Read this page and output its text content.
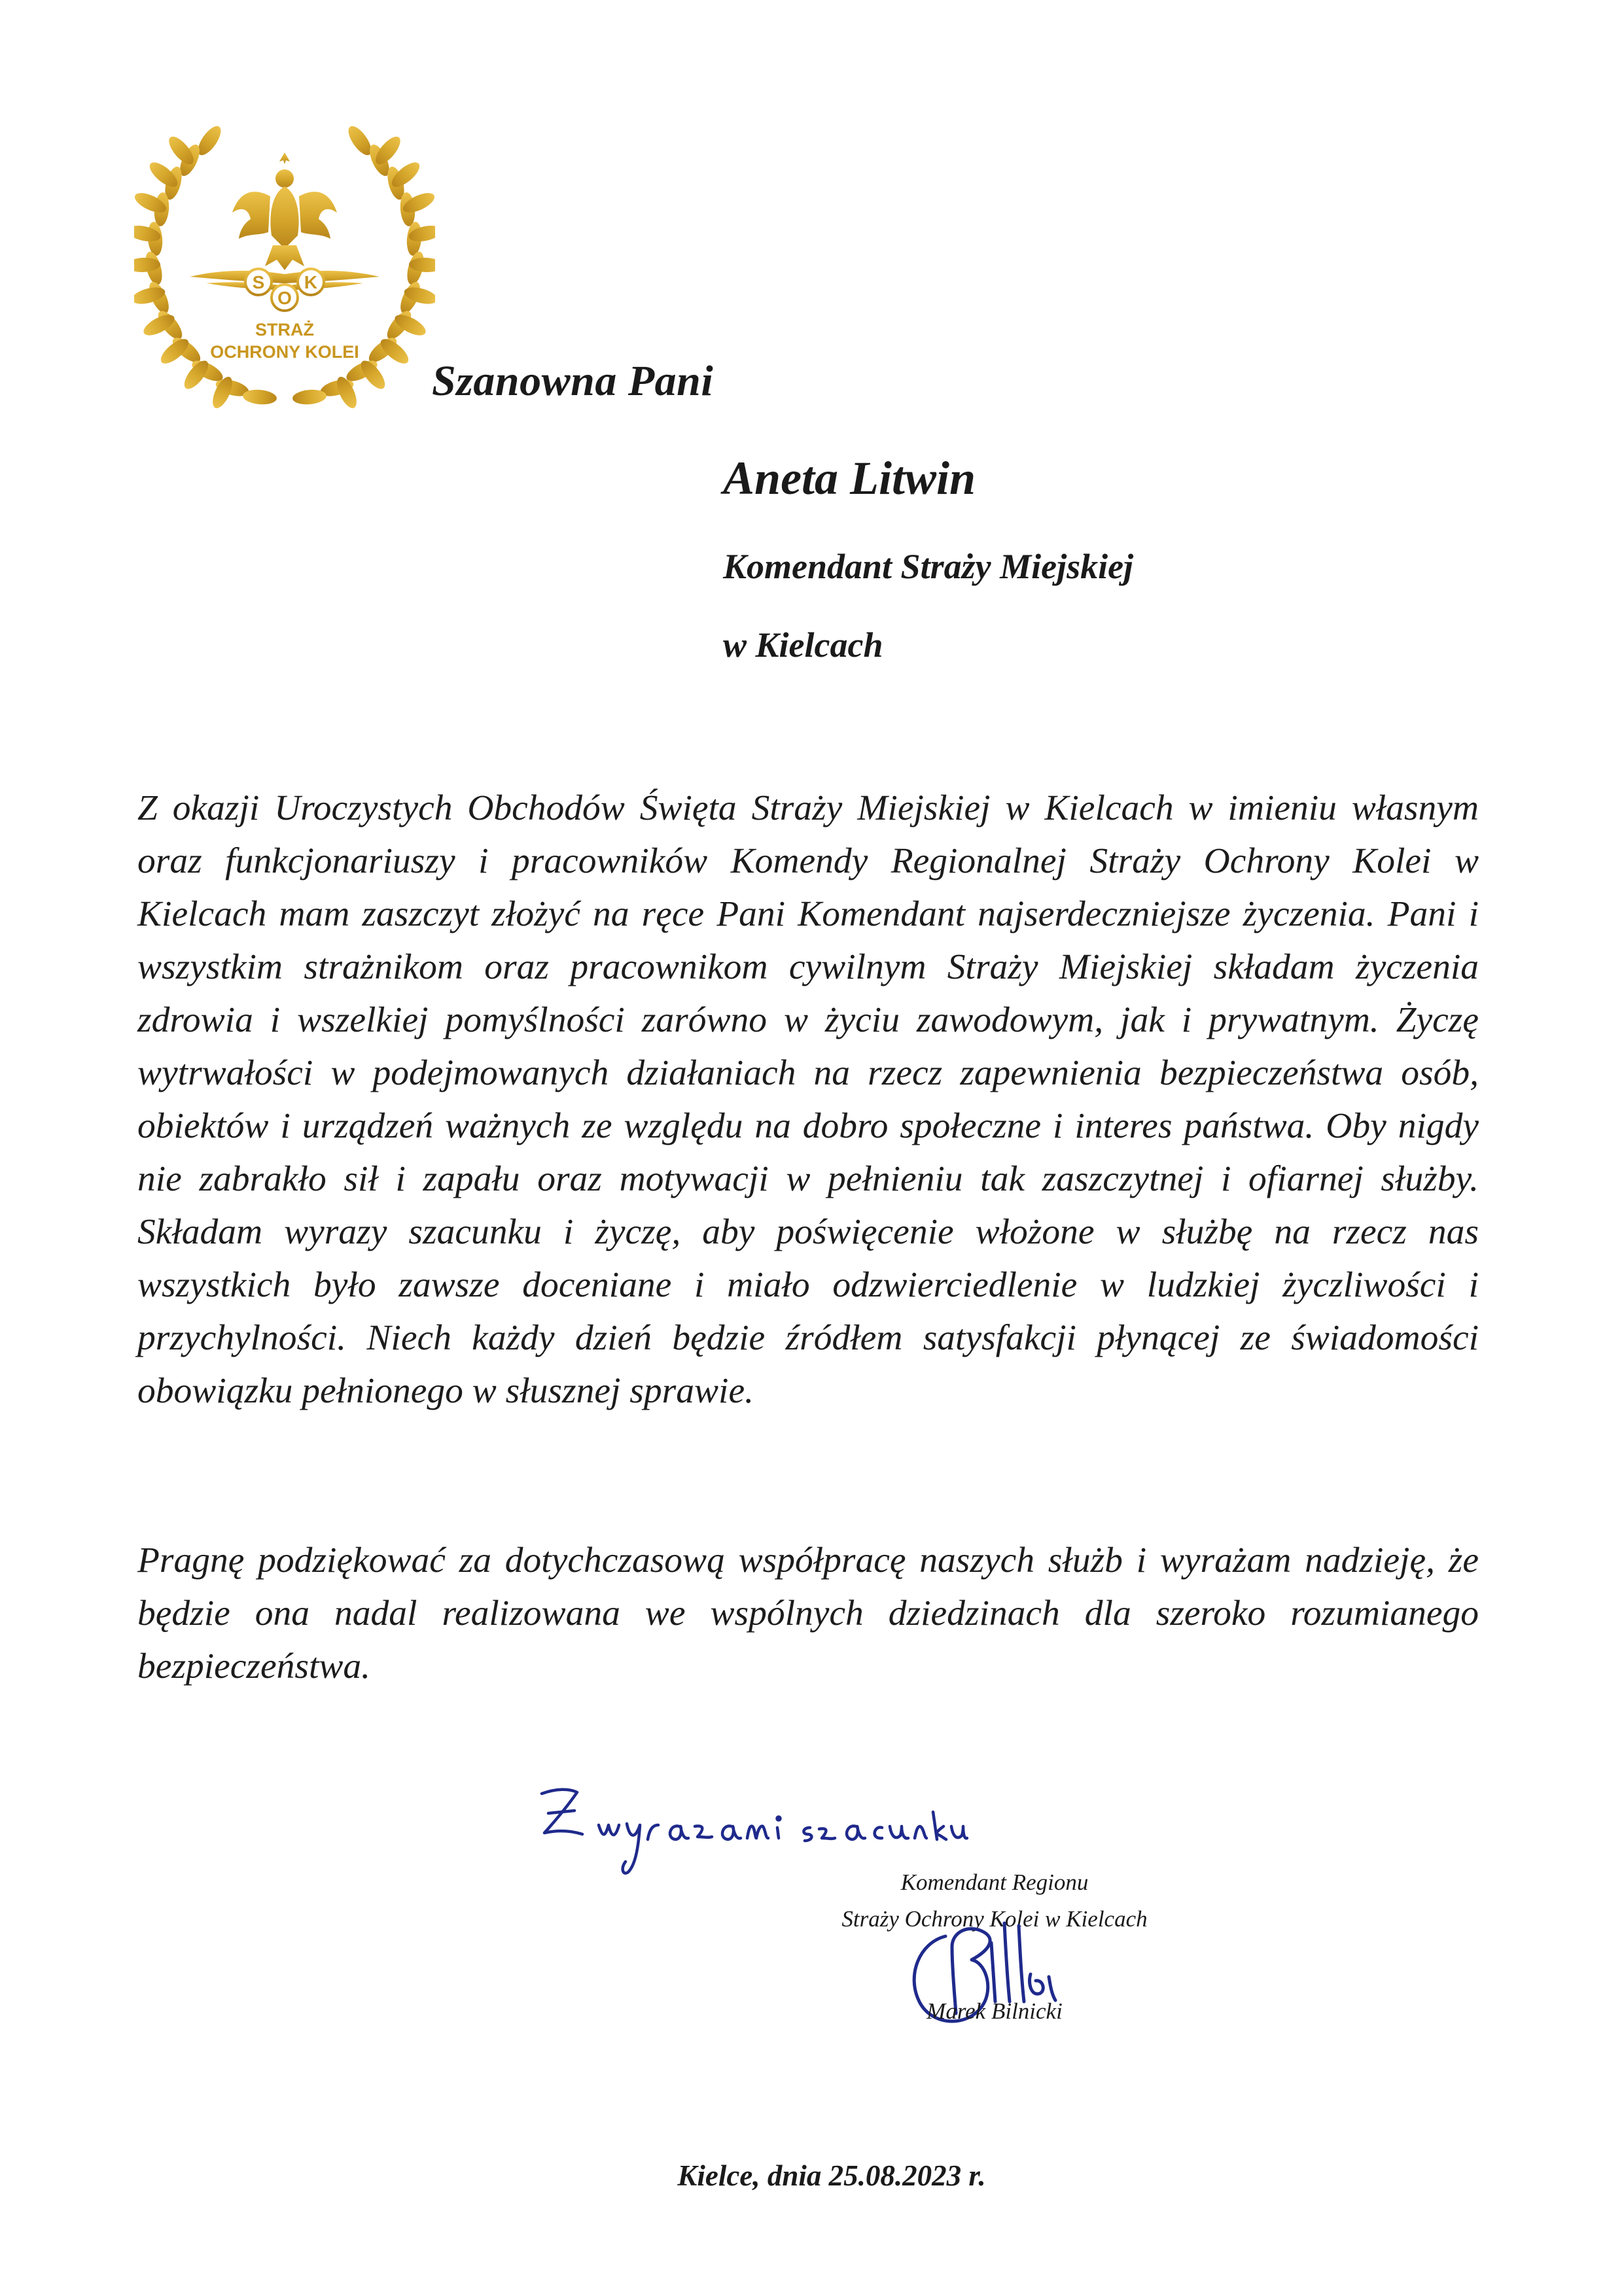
S K
O
STRAŻ
OCHRONY KOLEI
Szanowna Pani
Aneta Litwin
Komendant Straży Miejskiej
w Kielcach
Z okazji Uroczystych Obchodów Święta Straży Miejskiej w Kielcach w imieniu własnym oraz funkcjonariuszy i pracowników Komendy Regionalnej Straży Ochrony Kolei w Kielcach mam zaszczyt złożyć na ręce Pani Komendant najserdeczniejsze życzenia. Pani i wszystkim strażnikom oraz pracownikom cywilnym Straży Miejskiej składam życzenia zdrowia i wszelkiej pomyślności zarówno w życiu zawodowym, jak i prywatnym. Życzę wytrwałości w podejmowanych działaniach na rzecz zapewnienia bezpieczeństwa osób, obiektów i urządzeń ważnych ze względu na dobro społeczne i interes państwa. Oby nigdy nie zabrakło sił i zapału oraz motywacji w pełnieniu tak zaszczytnej i ofiarnej służby. Składam wyrazy szacunku i życzę, aby poświęcenie włożone w służbę na rzecz nas wszystkich było zawsze doceniane i miało odzwierciedlenie w ludzkiej życzliwości i przychylności. Niech każdy dzień będzie źródłem satysfakcji płynącej ze świadomości obowiązku pełnionego w słusznej sprawie.
Pragnę podziękować za dotychczasową współpracę naszych służb i wyrażam nadzieję, że będzie ona nadal realizowana we wspólnych dziedzinach dla szeroko rozumianego bezpieczeństwa.
Komendant Regionu
Straży Ochrony Kolei w Kielcach
Marek Bilnicki
Kielce, dnia 25.08.2023 r.
